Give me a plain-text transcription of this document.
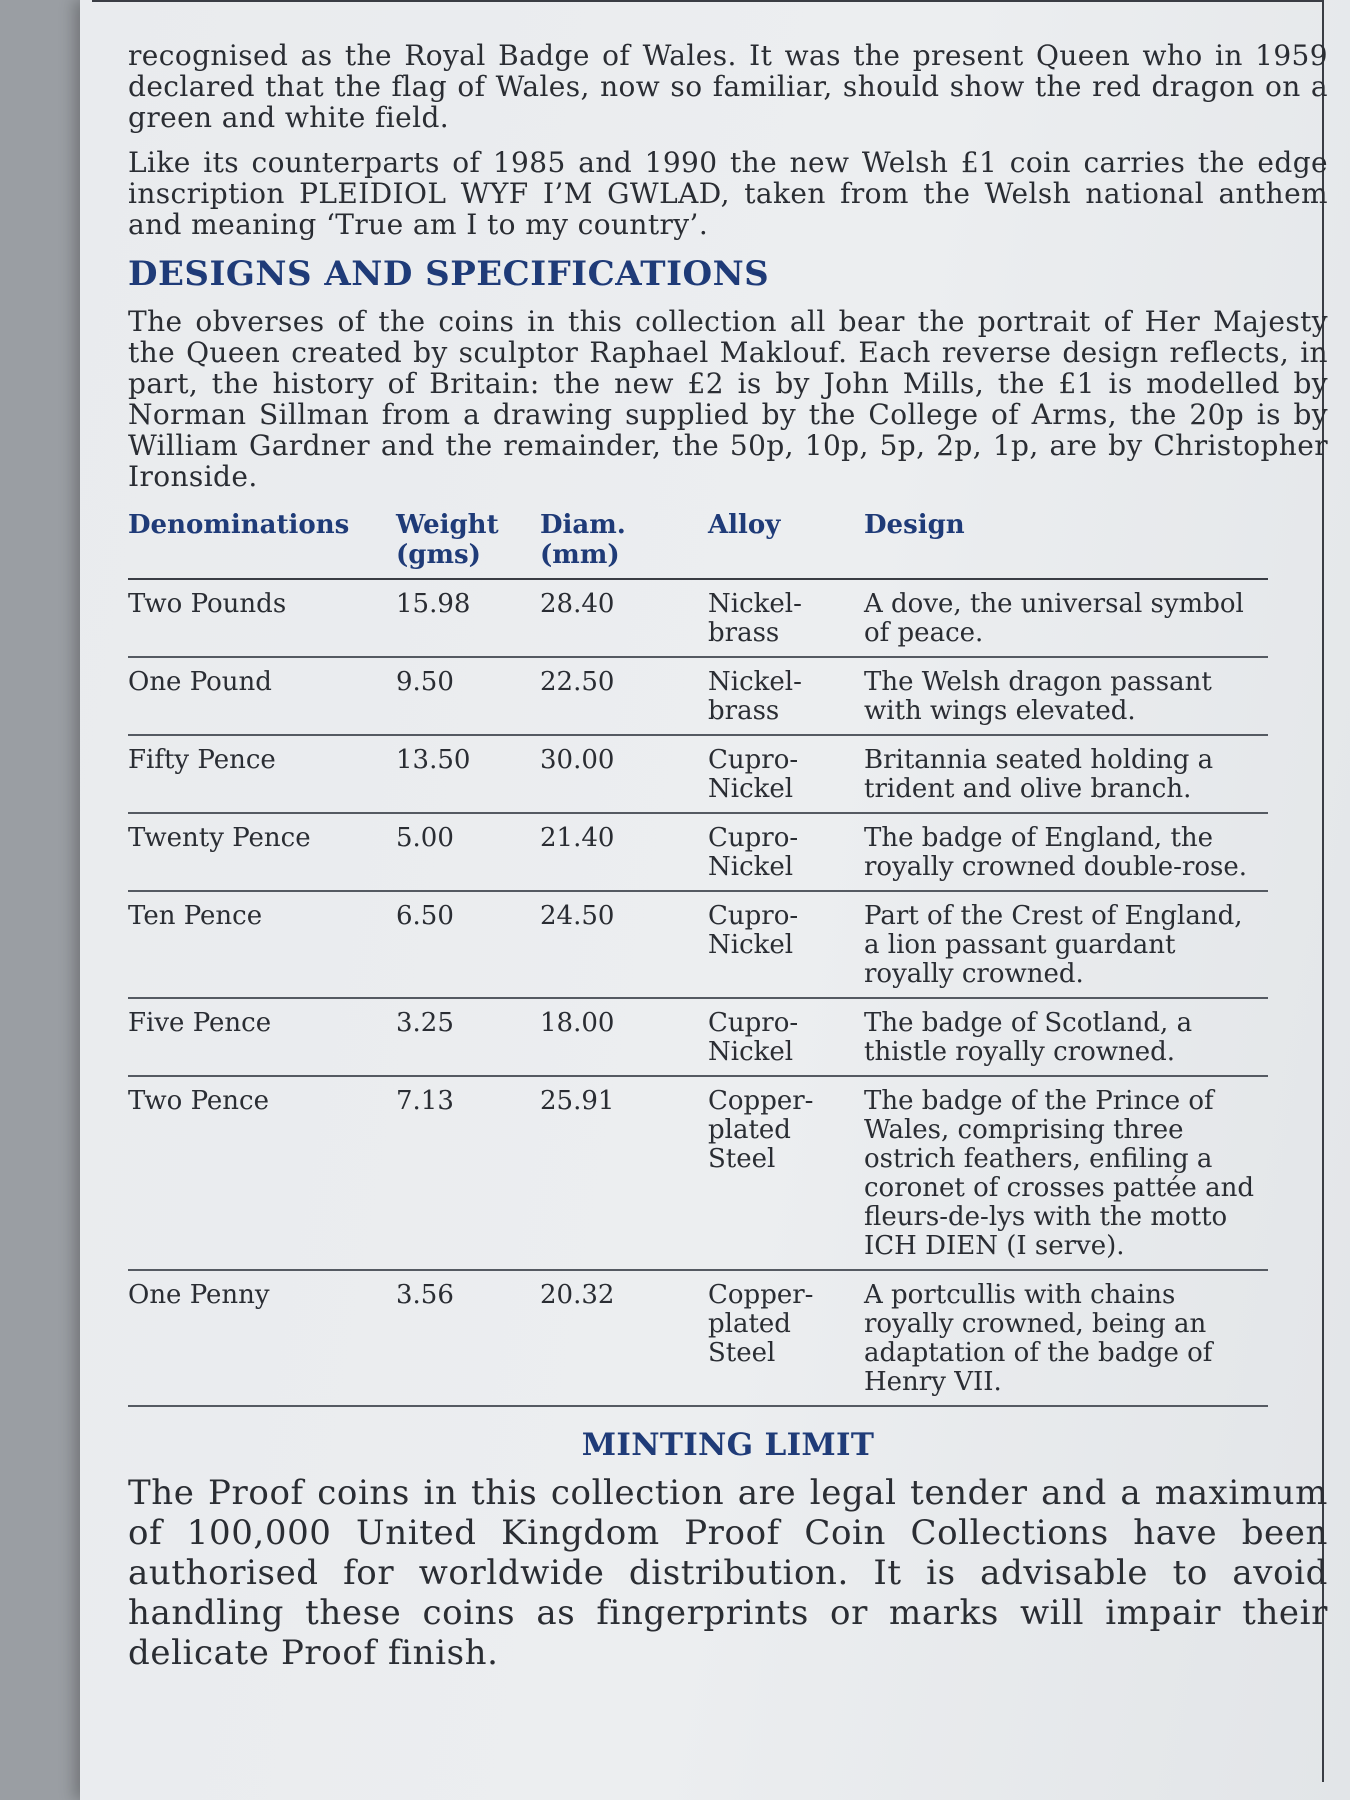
recognised as the Royal Badge of Wales. It was the present Queen who in 1959 declared that the flag of Wales, now so familiar, should show the red dragon on a green and white field.

Like its counterparts of 1985 and 1990 the new Welsh £1 coin carries the edge inscription PLEIDIOL WYF I’M GWLAD, taken from the Welsh national anthem and meaning ‘True am I to my country’.

DESIGNS AND SPECIFICATIONS

The obverses of the coins in this collection all bear the portrait of Her Majesty the Queen created by sculptor Raphael Maklouf. Each reverse design reflects, in part, the history of Britain: the new £2 is by John Mills, the £1 is modelled by Norman Sillman from a drawing supplied by the College of Arms, the 20p is by William Gardner and the remainder, the 50p, 10p, 5p, 2p, 1p, are by Christopher Ironside.

Denominations	Weight (gms)	Diam. (mm)	Alloy	Design
Two Pounds	15.98	28.40	Nickel-brass	A dove, the universal symbol of peace.
One Pound	9.50	22.50	Nickel-brass	The Welsh dragon passant with wings elevated.
Fifty Pence	13.50	30.00	Cupro-Nickel	Britannia seated holding a trident and olive branch.
Twenty Pence	5.00	21.40	Cupro-Nickel	The badge of England, the royally crowned double-rose.
Ten Pence	6.50	24.50	Cupro-Nickel	Part of the Crest of England, a lion passant guardant royally crowned.
Five Pence	3.25	18.00	Cupro-Nickel	The badge of Scotland, a thistle royally crowned.
Two Pence	7.13	25.91	Copper-plated Steel	The badge of the Prince of Wales, comprising three ostrich feathers, enfiling a coronet of crosses pattée and fleurs-de-lys with the motto ICH DIEN (I serve).
One Penny	3.56	20.32	Copper-plated Steel	A portcullis with chains royally crowned, being an adaptation of the badge of Henry VII.
MINTING LIMIT

The Proof coins in this collection are legal tender and a maximum of 100,000 United Kingdom Proof Coin Collections have been authorised for worldwide distribution. It is advisable to avoid handling these coins as fingerprints or marks will impair their delicate Proof finish.
